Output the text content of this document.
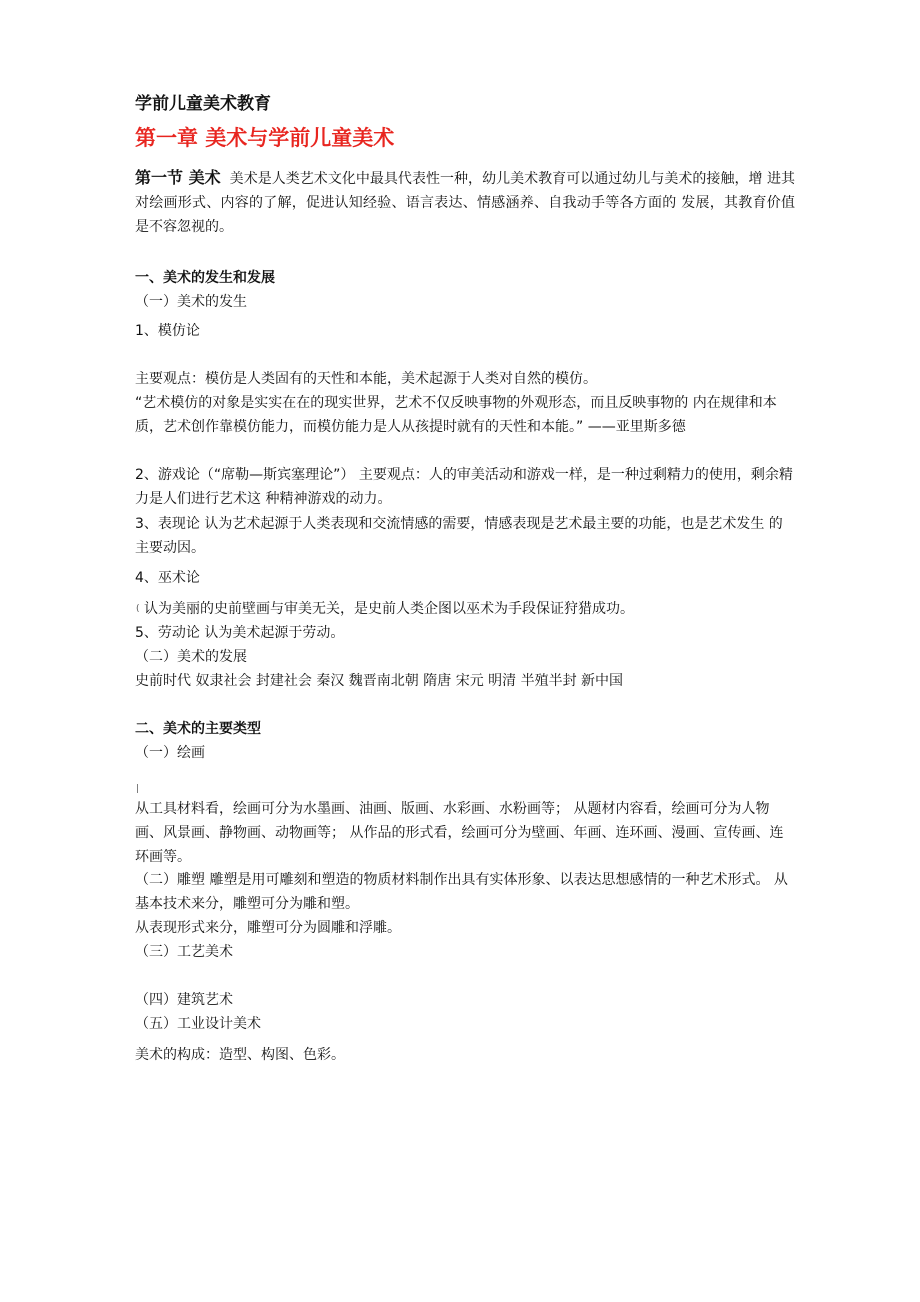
学前儿童美术教育
第一章 美术与学前儿童美术
第一节 美术 美术是人类艺术文化中最具代表性一种，幼儿美术教育可以通过幼儿与美术的接触，增 进其对绘画形式、内容的了解，促进认知经验、语言表达、情感涵养、自我动手等各方面的 发展，其教育价值是不容忽视的。
一、美术的发生和发展
（一）美术的发生
1、模仿论
主要观点：模仿是人类固有的天性和本能，美术起源于人类对自然的模仿。
“艺术模仿的对象是实实在在的现实世界，艺术不仅反映事物的外观形态，而且反映事物的 内在规律和本质，艺术创作靠模仿能力，而模仿能力是人从孩提时就有的天性和本能。” ——亚里斯多德
2、游戏论（“席勒—斯宾塞理论”） 主要观点：人的审美活动和游戏一样，是一种过剩精力的使用，剩余精力是人们进行艺术这 种精神游戏的动力。
3、表现论 认为艺术起源于人类表现和交流情感的需要，情感表现是艺术最主要的功能，也是艺术发生 的主要动因。
4、巫术论
( 认为美丽的史前壁画与审美无关，是史前人类企图以巫术为手段保证狩猎成功。
5、劳动论 认为美术起源于劳动。
（二）美术的发展
史前时代 奴隶社会 封建社会 秦汉 魏晋南北朝 隋唐 宋元 明清 半殖半封 新中国
二、美术的主要类型
（一）绘画
|
从工具材料看，绘画可分为水墨画、油画、版画、水彩画、水粉画等； 从题材内容看，绘画可分为人物画、风景画、静物画、动物画等； 从作品的形式看，绘画可分为壁画、年画、连环画、漫画、宣传画、连环画等。
（二）雕塑 雕塑是用可雕刻和塑造的物质材料制作出具有实体形象、以表达思想感情的一种艺术形式。 从基本技术来分，雕塑可分为雕和塑。
从表现形式来分，雕塑可分为圆雕和浮雕。
（三）工艺美术
（四）建筑艺术
（五）工业设计美术
美术的构成：造型、构图、色彩。
